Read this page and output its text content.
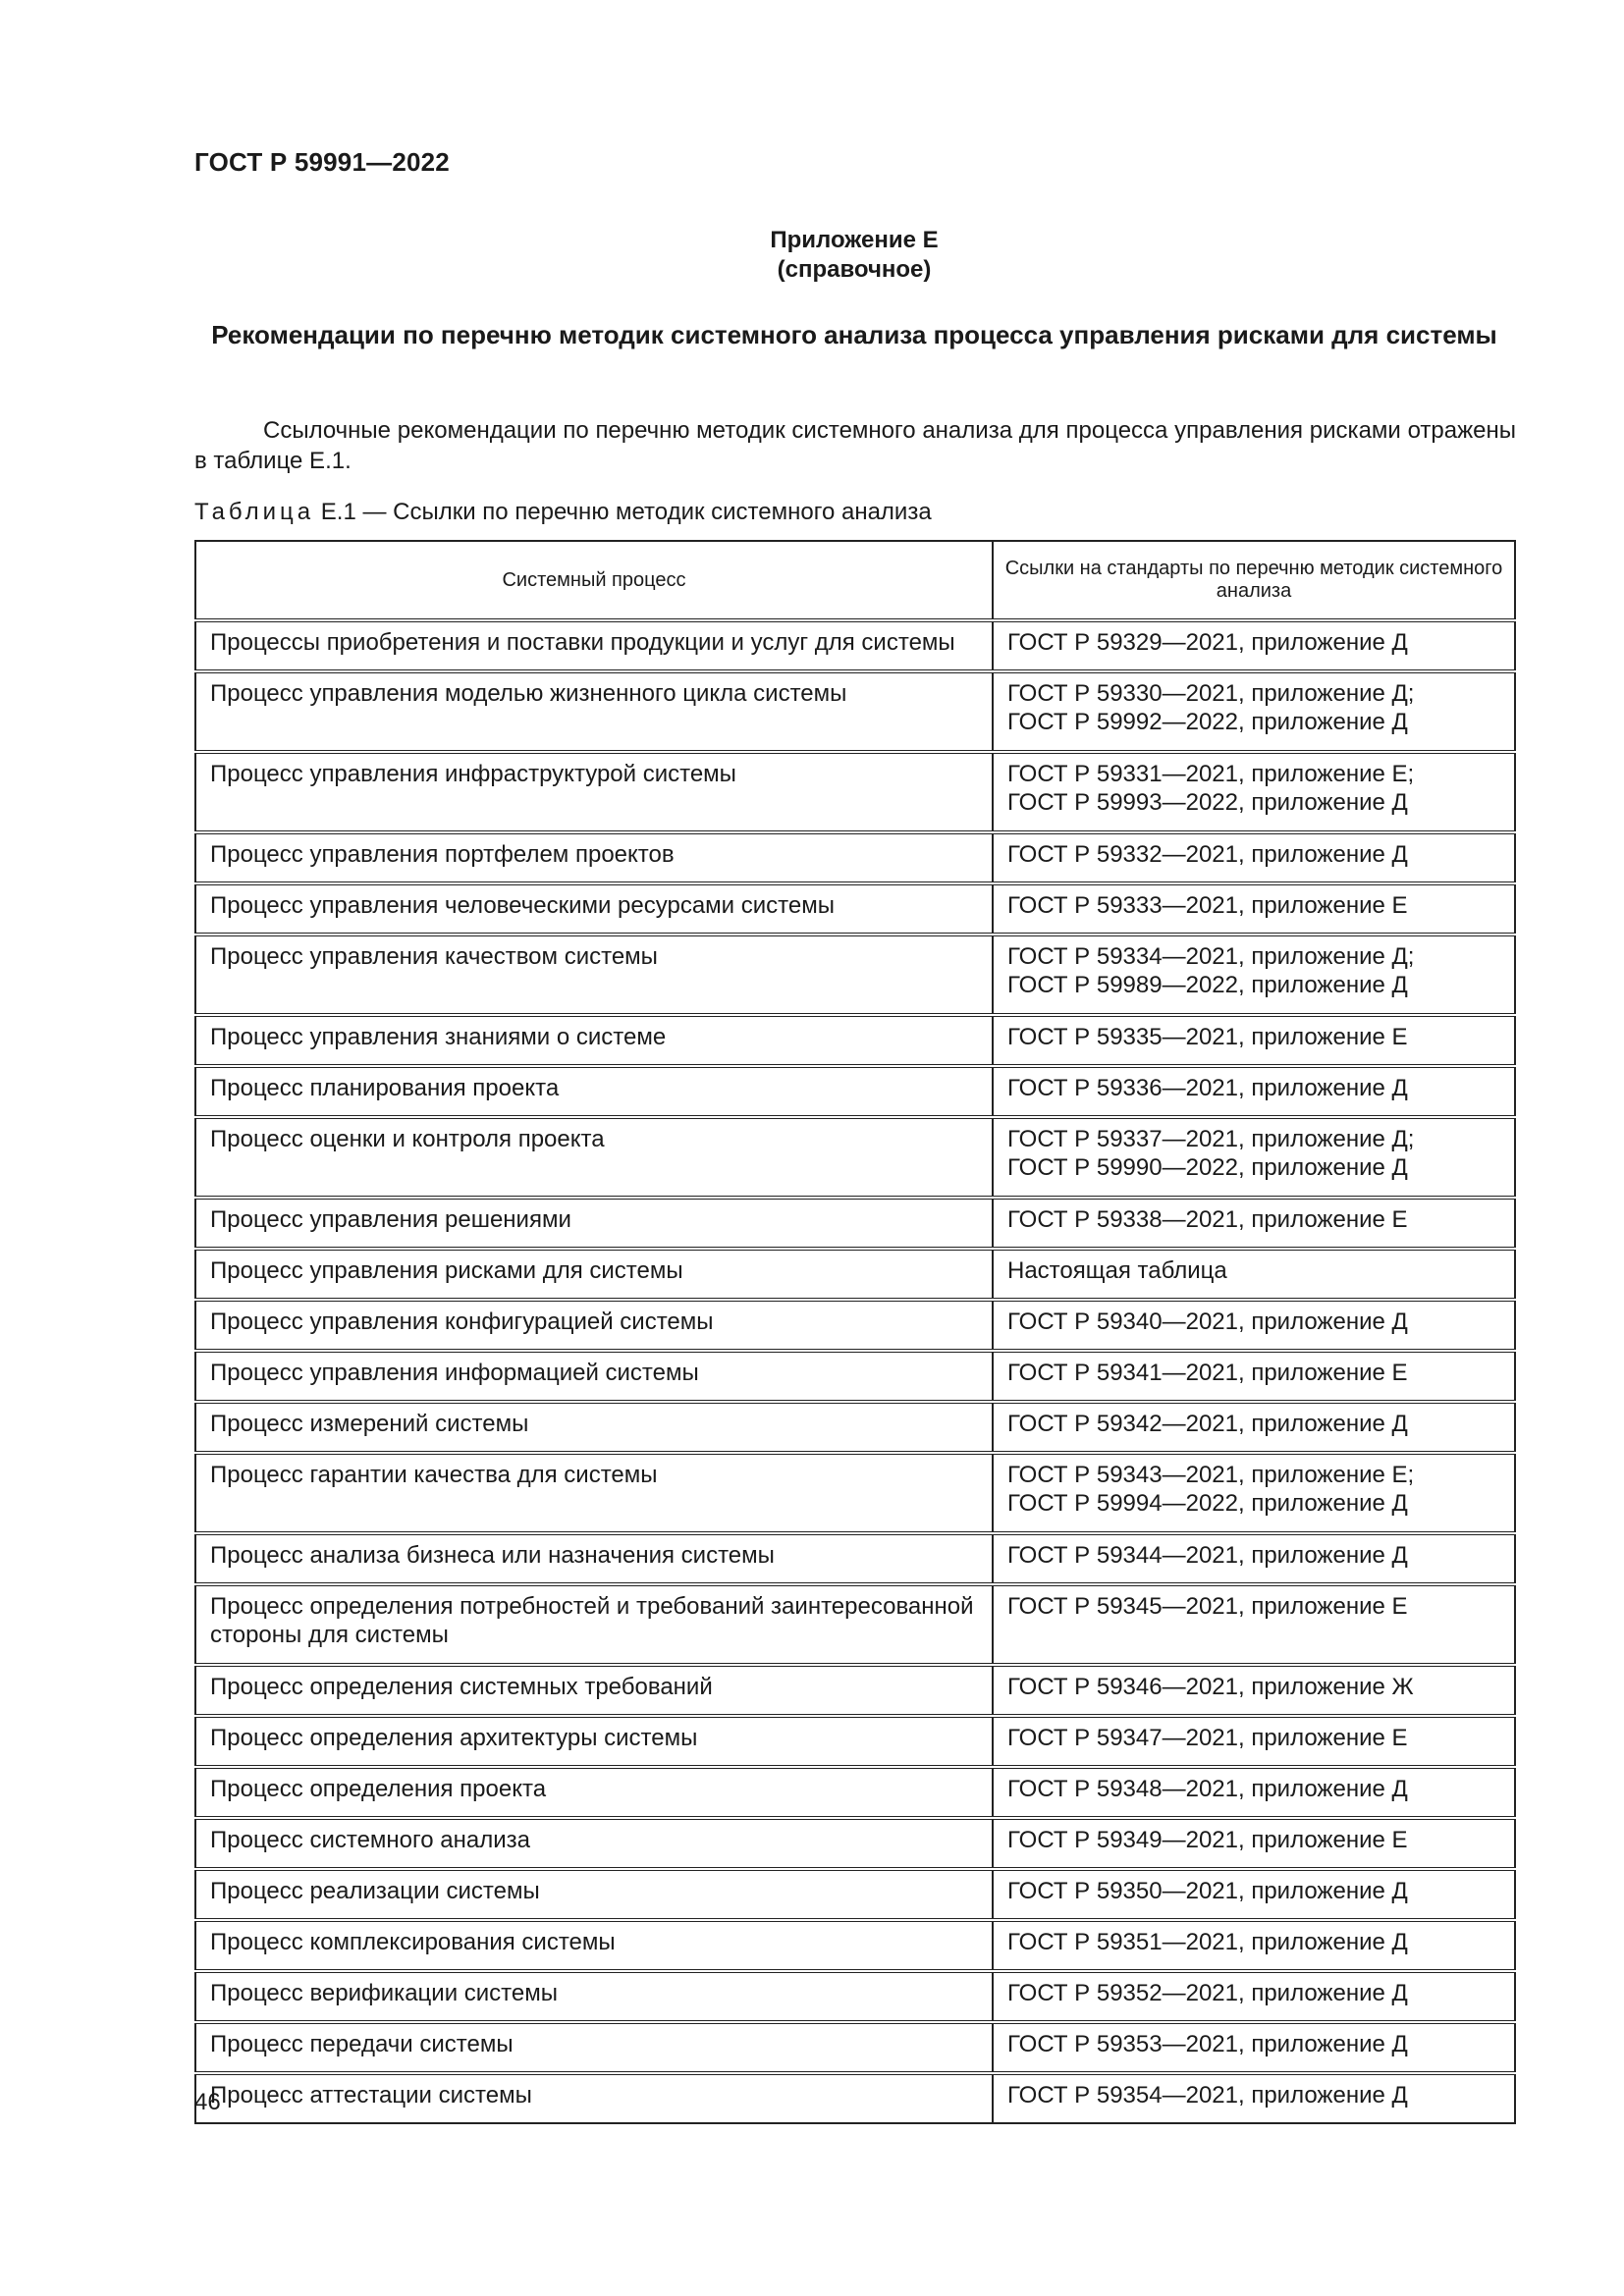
ГОСТ Р 59991—2022
Приложение Е
(справочное)
Рекомендации по перечню методик системного анализа процесса управления рисками для системы
Ссылочные рекомендации по перечню методик системного анализа для процесса управления рисками отражены в таблице Е.1.
Таблица Е.1 — Ссылки по перечню методик системного анализа
Системный процесс	Ссылки на стандарты по перечню методик системного анализа
Процессы приобретения и поставки продукции и услуг для системы	ГОСТ Р 59329—2021, приложение Д

Процесс управления моделью жизненного цикла системы	ГОСТ Р 59330—2021, приложение Д;
ГОСТ Р 59992—2022, приложение Д

Процесс управления инфраструктурой системы	ГОСТ Р 59331—2021, приложение Е;
ГОСТ Р 59993—2022, приложение Д

Процесс управления портфелем проектов	ГОСТ Р 59332—2021, приложение Д

Процесс управления человеческими ресурсами системы	ГОСТ Р 59333—2021, приложение Е

Процесс управления качеством системы	ГОСТ Р 59334—2021, приложение Д;
ГОСТ Р 59989—2022, приложение Д

Процесс управления знаниями о системе	ГОСТ Р 59335—2021, приложение Е

Процесс планирования проекта	ГОСТ Р 59336—2021, приложение Д

Процесс оценки и контроля проекта	ГОСТ Р 59337—2021, приложение Д;
ГОСТ Р 59990—2022, приложение Д

Процесс управления решениями	ГОСТ Р 59338—2021, приложение Е

Процесс управления рисками для системы	Настоящая таблица

Процесс управления конфигурацией системы	ГОСТ Р 59340—2021, приложение Д

Процесс управления информацией системы	ГОСТ Р 59341—2021, приложение Е

Процесс измерений системы	ГОСТ Р 59342—2021, приложение Д

Процесс гарантии качества для системы	ГОСТ Р 59343—2021, приложение Е;
ГОСТ Р 59994—2022, приложение Д

Процесс анализа бизнеса или назначения системы	ГОСТ Р 59344—2021, приложение Д

Процесс определения потребностей и требований заинтересованной стороны для системы	ГОСТ Р 59345—2021, приложение Е

Процесс определения системных требований	ГОСТ Р 59346—2021, приложение Ж

Процесс определения архитектуры системы	ГОСТ Р 59347—2021, приложение Е

Процесс определения проекта	ГОСТ Р 59348—2021, приложение Д

Процесс системного анализа	ГОСТ Р 59349—2021, приложение Е

Процесс реализации системы	ГОСТ Р 59350—2021, приложение Д

Процесс комплексирования системы	ГОСТ Р 59351—2021, приложение Д

Процесс верификации системы	ГОСТ Р 59352—2021, приложение Д

Процесс передачи системы	ГОСТ Р 59353—2021, приложение Д

Процесс аттестации системы	ГОСТ Р 59354—2021, приложение Д
46
